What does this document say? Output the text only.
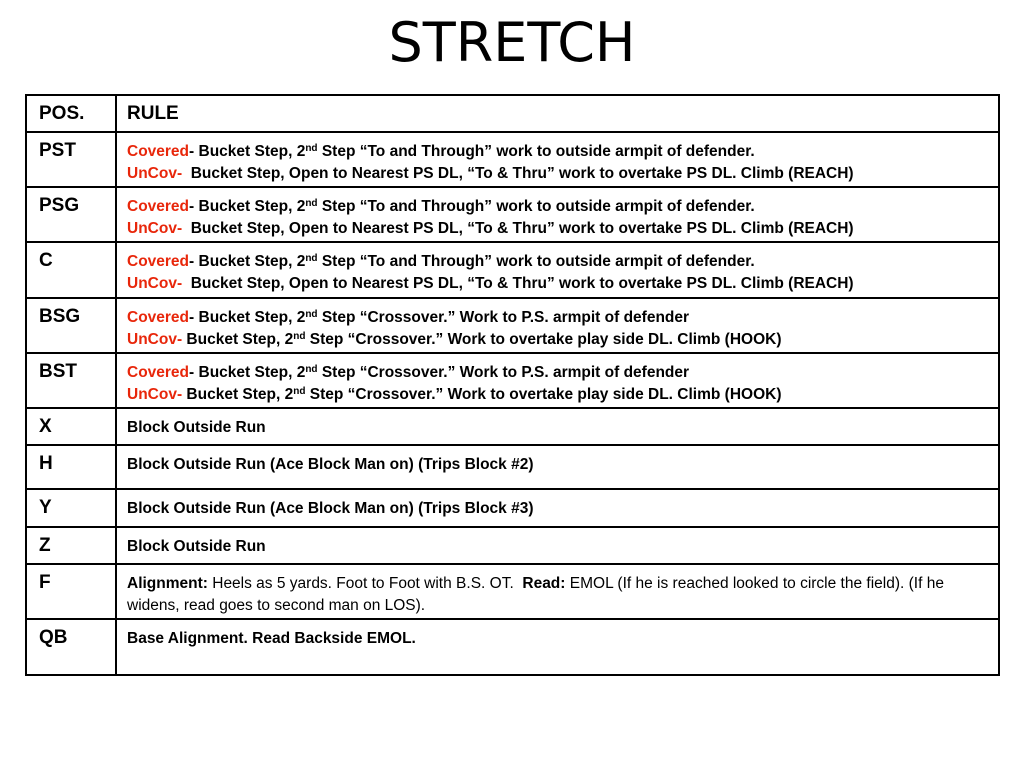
STRETCH
POS.	RULE
PST	Covered- Bucket Step, 2nd Step “To and Through” work to outside armpit of defender.
UnCov-  Bucket Step, Open to Nearest PS DL, “To & Thru” work to overtake PS DL. Climb (REACH)

PSG	Covered- Bucket Step, 2nd Step “To and Through” work to outside armpit of defender.
UnCov-  Bucket Step, Open to Nearest PS DL, “To & Thru” work to overtake PS DL. Climb (REACH)

C	Covered- Bucket Step, 2nd Step “To and Through” work to outside armpit of defender.
UnCov-  Bucket Step, Open to Nearest PS DL, “To & Thru” work to overtake PS DL. Climb (REACH)

BSG	Covered- Bucket Step, 2nd Step “Crossover.” Work to P.S. armpit of defender
UnCov- Bucket Step, 2nd Step “Crossover.” Work to overtake play side DL. Climb (HOOK)

BST	Covered- Bucket Step, 2nd Step “Crossover.” Work to P.S. armpit of defender
UnCov- Bucket Step, 2nd Step “Crossover.” Work to overtake play side DL. Climb (HOOK)

X	Block Outside Run
H	Block Outside Run (Ace Block Man on) (Trips Block #2)
Y	Block Outside Run (Ace Block Man on) (Trips Block #3)
Z	Block Outside Run
F	Alignment: Heels as 5 yards. Foot to Foot with B.S. OT.  Read: EMOL (If he is reached looked to circle the field). (If he widens, read goes to second man on LOS).

QB	Base Alignment. Read Backside EMOL.
